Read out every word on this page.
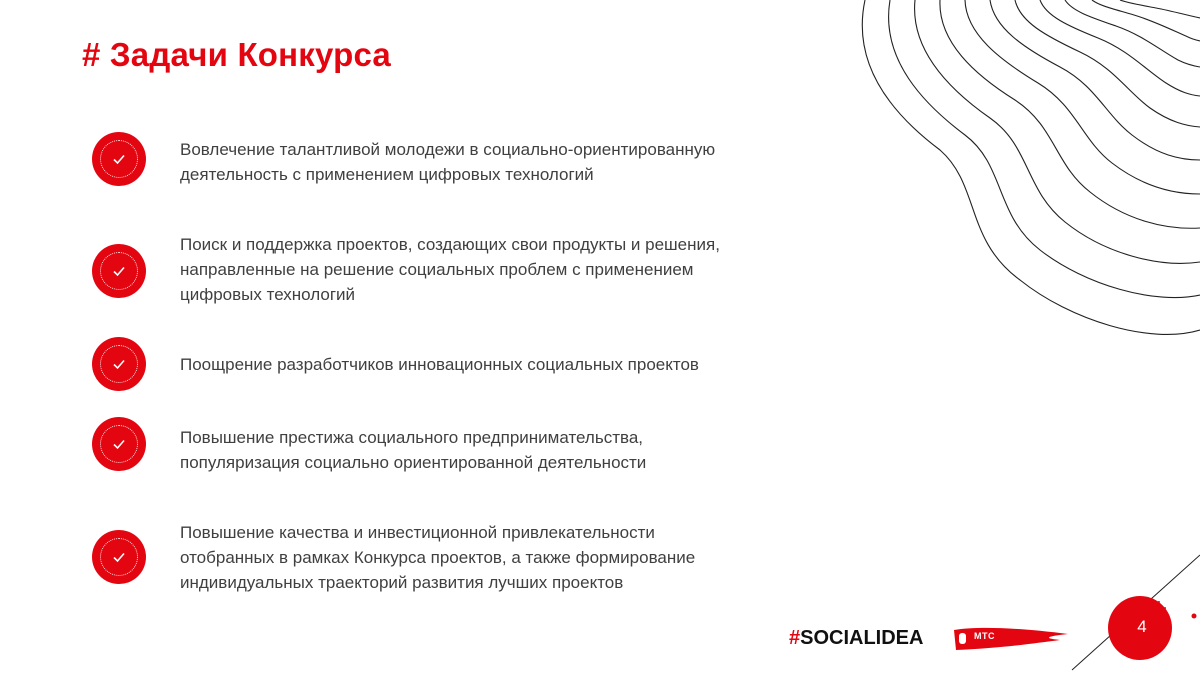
# Задачи Конкурса
Вовлечение талантливой молодежи в социально-ориентированную
деятельность с применением цифровых технологий
Поиск и поддержка проектов, создающих свои продукты и решения,
направленные на решение социальных проблем с применением
цифровых технологий
Поощрение разработчиков инновационных социальных проектов
Повышение престижа социального предпринимательства,
популяризация социально ориентированной деятельности
Повышение качества и инвестиционной привлекательности
отобранных в рамках Конкурса проектов, а также формирование
индивидуальных траекторий развития лучших проектов
#SOCIALIDEA	МТС	4
